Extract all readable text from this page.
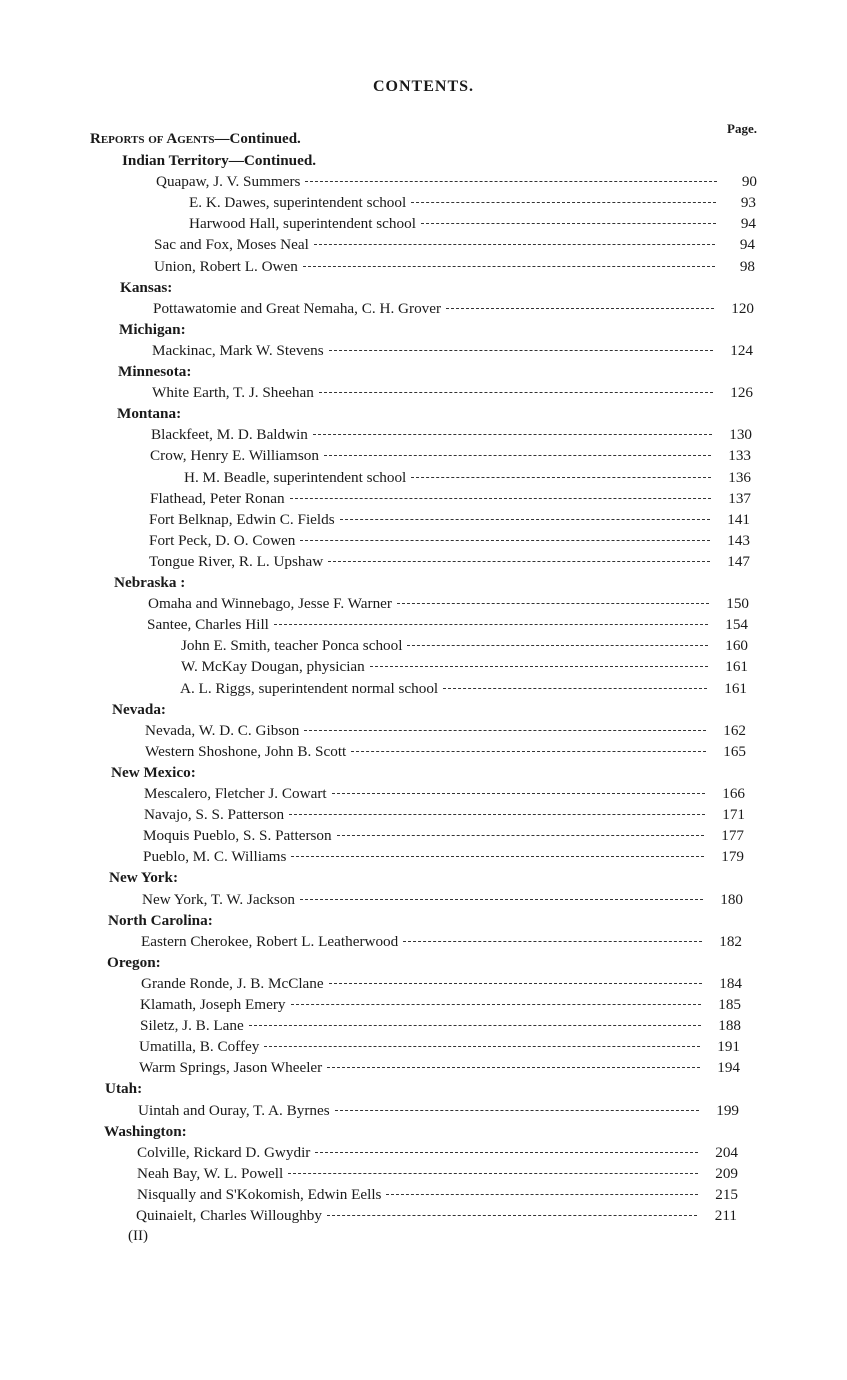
CONTENTS.
Page.
Reports of Agents—Continued.
Indian Territory—Continued.
Quapaw, J. V. Summers	90
E. K. Dawes, superintendent school	93
Harwood Hall, superintendent school	94
Sac and Fox, Moses Neal	94
Union, Robert L. Owen	98
Kansas:
Pottawatomie and Great Nemaha, C. H. Grover	120
Michigan:
Mackinac, Mark W. Stevens	124
Minnesota:
White Earth, T. J. Sheehan	126
Montana:
Blackfeet, M. D. Baldwin	130
Crow, Henry E. Williamson	133
H. M. Beadle, superintendent school	136
Flathead, Peter Ronan	137
Fort Belknap, Edwin C. Fields	141
Fort Peck, D. O. Cowen	143
Tongue River, R. L. Upshaw	147
Nebraska :
Omaha and Winnebago, Jesse F. Warner	150
Santee, Charles Hill	154
John E. Smith, teacher Ponca school	160
W. McKay Dougan, physician	161
A. L. Riggs, superintendent normal school	161
Nevada:
Nevada, W. D. C. Gibson	162
Western Shoshone, John B. Scott	165
New Mexico:
Mescalero, Fletcher J. Cowart	166
Navajo, S. S. Patterson	171
Moquis Pueblo, S. S. Patterson	177
Pueblo, M. C. Williams	179
New York:
New York, T. W. Jackson	180
North Carolina:
Eastern Cherokee, Robert L. Leatherwood	182
Oregon:
Grande Ronde, J. B. McClane	184
Klamath, Joseph Emery	185
Siletz, J. B. Lane	188
Umatilla, B. Coffey	191
Warm Springs, Jason Wheeler	194
Utah:
Uintah and Ouray, T. A. Byrnes	199
Washington:
Colville, Rickard D. Gwydir	204
Neah Bay, W. L. Powell	209
Nisqually and S'Kokomish, Edwin Eells	215
Quinaielt, Charles Willoughby	211
(II)
